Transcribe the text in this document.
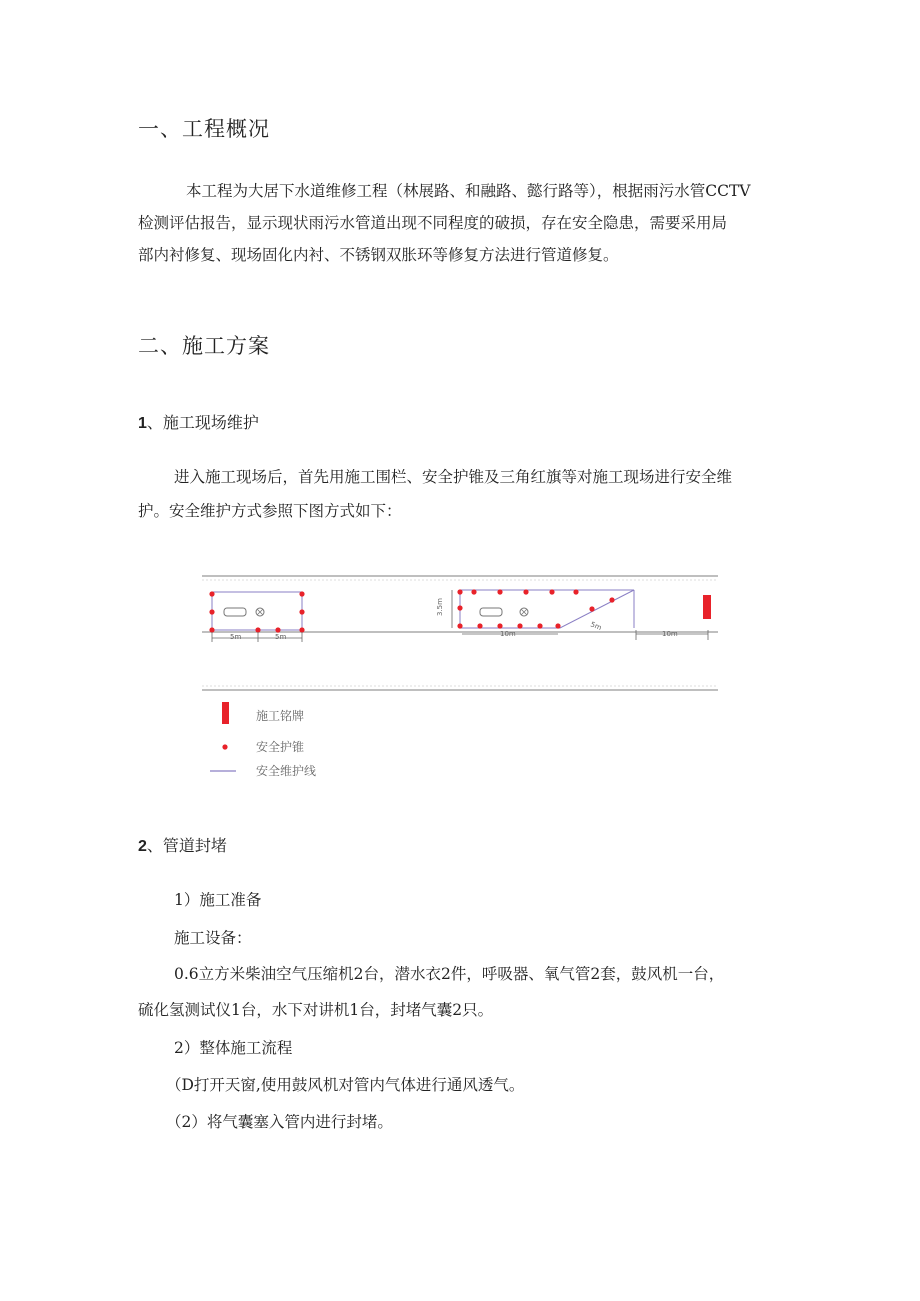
一、工程概况
本工程为大居下水道维修工程（林展路、和融路、懿行路等），根据雨污水管CCTV
检测评估报告，显示现状雨污水管道出现不同程度的破损，存在安全隐患，需要采用局
部内衬修复、现场固化内衬、不锈钢双胀环等修复方法进行管道修复。
二、施工方案
1、施工现场维护
进入施工现场后，首先用施工围栏、安全护锥及三角红旗等对施工现场进行安全维
护。安全维护方式参照下图方式如下：
5m	5m	10m
5m
10m
3.5m
施工铭牌
安全护锥
安全维护线
2、管道封堵
1）施工准备
施工设备：
0.6立方米柴油空气压缩机2台，潜水衣2件，呼吸器、氧气管2套，鼓风机一台，
硫化氢测试仪1台，水下对讲机1台，封堵气囊2只。
2）整体施工流程
（D打开天窗,使用鼓风机对管内气体进行通风透气。
（2）将气囊塞入管内进行封堵。
